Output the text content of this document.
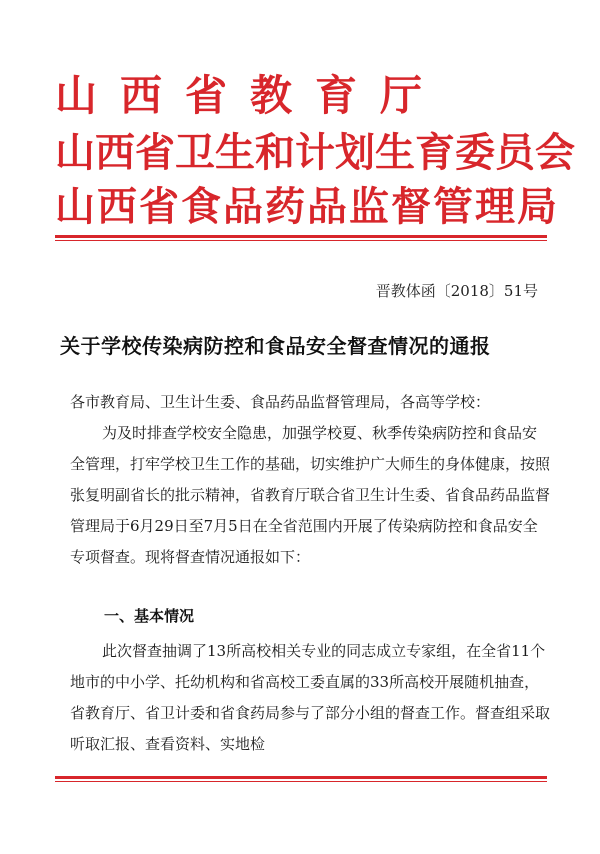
山西省教育厅
山西省卫生和计划生育委员会
山西省食品药品监督管理局
晋教体函〔2018〕51号
关于学校传染病防控和食品安全督查情况的通报
各市教育局、卫生计生委、食品药品监督管理局，各高等学校：
为及时排查学校安全隐患，加强学校夏、秋季传染病防控和食品安全管理，打牢学校卫生工作的基础，切实维护广大师生的身体健康，按照张复明副省长的批示精神，省教育厅联合省卫生计生委、省食品药品监督管理局于6月29日至7月5日在全省范围内开展了传染病防控和食品安全专项督查。现将督查情况通报如下：
一、基本情况
此次督查抽调了13所高校相关专业的同志成立专家组，在全省11个地市的中小学、托幼机构和省高校工委直属的33所高校开展随机抽查，省教育厅、省卫计委和省食药局参与了部分小组的督查工作。督查组采取听取汇报、查看资料、实地检
